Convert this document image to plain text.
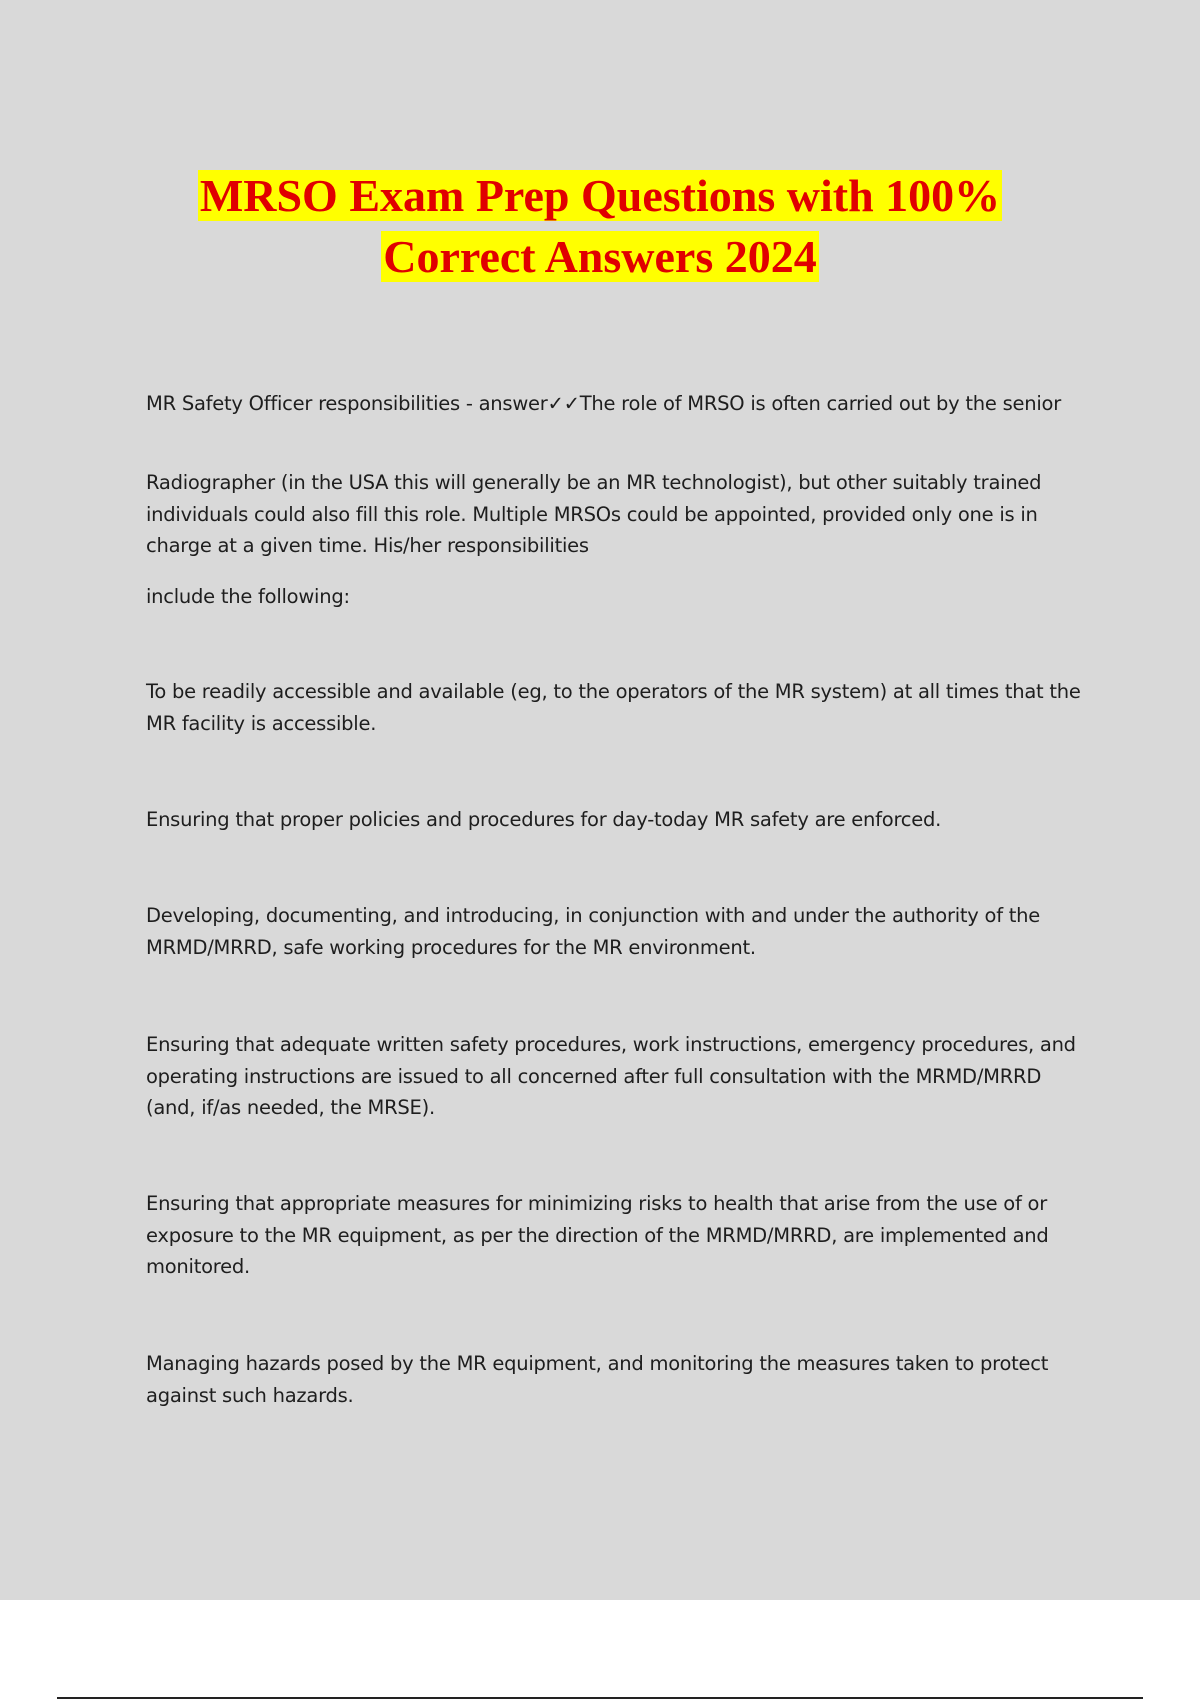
MRSO Exam Prep Questions with 100%
Correct Answers 2024

MR Safety Officer responsibilities - answer✓✓The role of MRSO is often carried out by the senior

Radiographer (in the USA this will generally be an MR technologist), but other suitably trained individuals could also fill this role. Multiple MRSOs could be appointed, provided only one is in charge at a given time. His/her responsibilities

include the following:

To be readily accessible and available (eg, to the operators of the MR system) at all times that the MR facility is accessible.

Ensuring that proper policies and procedures for day-today MR safety are enforced.

Developing, documenting, and introducing, in conjunction with and under the authority of the MRMD/MRRD, safe working procedures for the MR environment.

Ensuring that adequate written safety procedures, work instructions, emergency procedures, and operating instructions are issued to all concerned after full consultation with the MRMD/MRRD (and, if/as needed, the MRSE).

Ensuring that appropriate measures for minimizing risks to health that arise from the use of or exposure to the MR equipment, as per the direction of the MRMD/MRRD, are implemented and monitored.

Managing hazards posed by the MR equipment, and monitoring the measures taken to protect against such hazards.
